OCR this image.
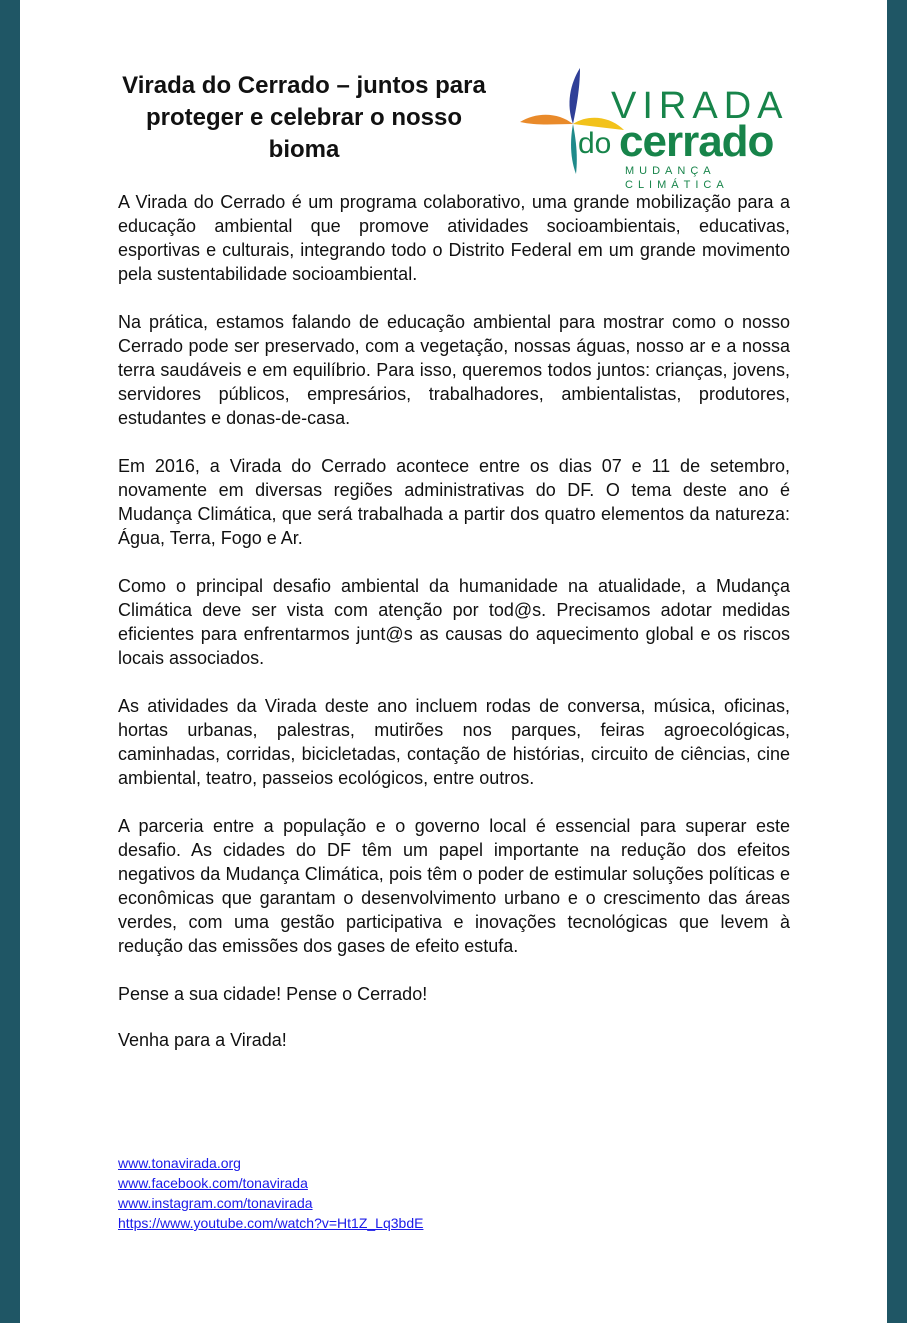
Virada do Cerrado – juntos para proteger e celebrar o nosso bioma
VIRADA
do cerrado
MUDANÇA CLIMÁTICA

A Virada do Cerrado é um programa colaborativo, uma grande mobilização para a educação ambiental que promove atividades socioambientais, educativas, esportivas e culturais, integrando todo o Distrito Federal em um grande movimento pela sustentabilidade socioambiental.

Na prática, estamos falando de educação ambiental para mostrar como o nosso Cerrado pode ser preservado, com a vegetação, nossas águas, nosso ar e a nossa terra saudáveis e em equilíbrio. Para isso, queremos todos juntos: crianças, jovens, servidores públicos, empresários, trabalhadores, ambientalistas, produtores, estudantes e donas-de-casa.

Em 2016, a Virada do Cerrado acontece entre os dias 07 e 11 de setembro, novamente em diversas regiões administrativas do DF. O tema deste ano é Mudança Climática, que será trabalhada a partir dos quatro elementos da natureza: Água, Terra, Fogo e Ar.

Como o principal desafio ambiental da humanidade na atualidade, a Mudança Climática deve ser vista com atenção por tod@s. Precisamos adotar medidas eficientes para enfrentarmos junt@s as causas do aquecimento global e os riscos locais associados.

As atividades da Virada deste ano incluem rodas de conversa, música, oficinas, hortas urbanas, palestras, mutirões nos parques, feiras agroecológicas, caminhadas, corridas, bicicletadas, contação de histórias, circuito de ciências, cine ambiental, teatro, passeios ecológicos, entre outros.

A parceria entre a população e o governo local é essencial para superar este desafio. As cidades do DF têm um papel importante na redução dos efeitos negativos da Mudança Climática, pois têm o poder de estimular soluções políticas e econômicas que garantam o desenvolvimento urbano e o crescimento das áreas verdes, com uma gestão participativa e inovações tecnológicas que levem à redução das emissões dos gases de efeito estufa.

Pense a sua cidade! Pense o Cerrado!

Venha para a Virada!

www.tonavirada.org
www.facebook.com/tonavirada
www.instagram.com/tonavirada
https://www.youtube.com/watch?v=Ht1Z_Lq3bdE
